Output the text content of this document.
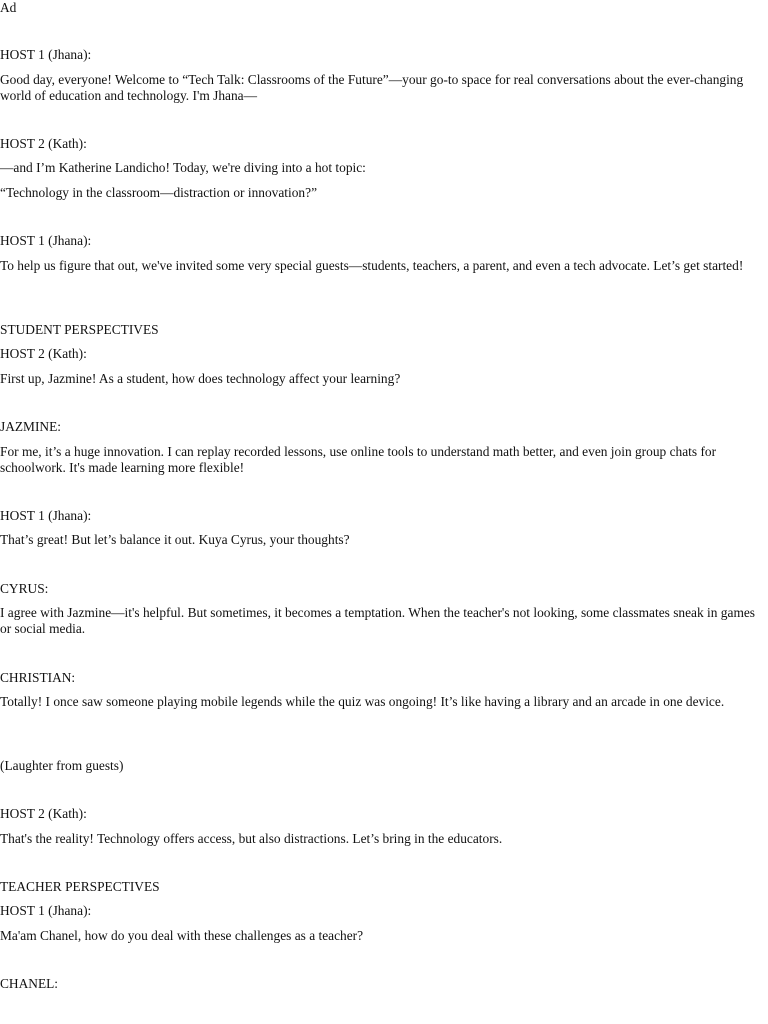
Ad
HOST 1 (Jhana):
Good day, everyone! Welcome to “Tech Talk: Classrooms of the Future”—your go-to space for real conversations about the ever-changing world of education and technology. I'm Jhana—
HOST 2 (Kath):
—and I’m Katherine Landicho! Today, we're diving into a hot topic:
“Technology in the classroom—distraction or innovation?”
HOST 1 (Jhana):
To help us figure that out, we've invited some very special guests—students, teachers, a parent, and even a tech advocate. Let’s get started!
STUDENT PERSPECTIVES
HOST 2 (Kath):
First up, Jazmine! As a student, how does technology affect your learning?
JAZMINE:
For me, it’s a huge innovation. I can replay recorded lessons, use online tools to understand math better, and even join group chats for schoolwork. It's made learning more flexible!
HOST 1 (Jhana):
That’s great! But let’s balance it out. Kuya Cyrus, your thoughts?
CYRUS:
I agree with Jazmine—it's helpful. But sometimes, it becomes a temptation. When the teacher's not looking, some classmates sneak in games or social media.
CHRISTIAN:
Totally! I once saw someone playing mobile legends while the quiz was ongoing! It’s like having a library and an arcade in one device.
(Laughter from guests)
HOST 2 (Kath):
That's the reality! Technology offers access, but also distractions. Let’s bring in the educators.
TEACHER PERSPECTIVES
HOST 1 (Jhana):
Ma'am Chanel, how do you deal with these challenges as a teacher?
CHANEL:
